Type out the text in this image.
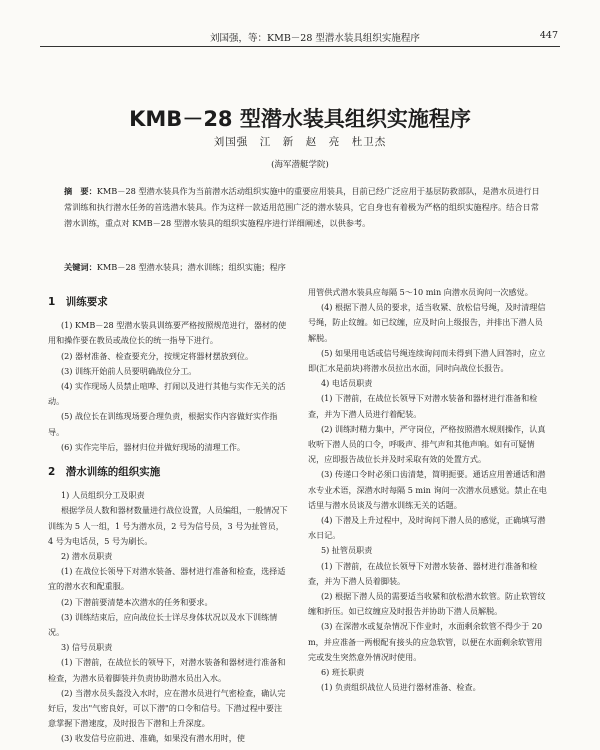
刘国强，等：KMB－28 型潜水装具组织实施程序	447
KMB－28 型潜水装具组织实施程序
刘国强　江　新　赵　亮　杜卫杰
(海军潜艇学院)
摘　要：KMB－28 型潜水装具作为当前潜水活动组织实施中的重要应用装具，目前已经广泛应用于基层防救部队，是潜水员进行日常训练和执行潜水任务的首选潜水装具。作为这样一款适用范围广泛的潜水装具，它自身也有着极为严格的组织实施程序。结合日常潜水训练，重点对 KMB－28 型潜水装具的组织实施程序进行详细阐述，以供参考。
关键词：KMB－28 型潜水装具；潜水训练；组织实施；程序
1　训练要求

(1) KMB－28 型潜水装具训练要严格按照规范进行，器材的使用和操作要在教员或战位长的统一指导下进行。

(2) 器材准备、检查要充分，按规定将器材摆放到位。

(3) 训练开始前人员要明确战位分工。

(4) 实作现场人员禁止喧哗、打闹以及进行其他与实作无关的活动。

(5) 战位长在训练现场要合理负责，根据实作内容做好实作指导。

(6) 实作完毕后，器材归位并做好现场的清理工作。

2　潜水训练的组织实施
1) 人员组织分工及职责

根据学员人数和器材数量进行战位设置，人员编组，一般情况下训练为 5 人一组，1 号为潜水员，2 号为信号员，3 号为扯管员，4 号为电话员，5 号为刷长。

2) 潜水员职责

(1) 在战位长领导下对潜水装备、器材进行准备和检查，选择适宜的潜水衣和配重服。

(2) 下潜前要清楚本次潜水的任务和要求。

(3) 训练结束后，应向战位长士详尽身体状况以及水下训练情况。

3) 信号员职责

(1) 下潜前，在战位长的领导下，对潜水装备和器材进行准备和检查，为潜水员着脚装并负责协助潜水员出入水。

(2) 当潜水员头盔没入水时，应在潜水员进行气密检查，确认完好后，发出"气密良好，可以下潜"的口令和信号。下潜过程中要注意掌握下潜速度，及时报告下潜和上升深度。

(3) 收发信号应前进、准确，如果没有潜水用时，使

用管供式潜水装具应每隔 5～10 min 向潜水员询问一次感觉。

(4) 根据下潜人员的要求，适当收紧、放松信号绳，及时清理信号绳，防止纹缠。如已纹缠，应及时向上级报告，并排出下潜人员解脱。

(5) 如果用电话或信号绳连续询问而未得到下潜人回答时，应立即(汇水是前块)将潜水员拉出水面，同时向战位长报告。

4) 电话员职责

(1) 下潜前，在战位长领导下对潜水装备和器材进行准备和检查，并为下潜人员进行着配装。

(2) 训练时精力集中，严守岗位，严格按照潜水规则操作，认真收听下潜人员的口令，呼吸声、排气声和其他声响。如有可疑情况，应即报告战位长并及时采取有效的处置方式。

(3) 传递口令时必须口齿清楚，简明扼要。通话应用普通话和潜水专业术语，深潜水时每隔 5 min 询问一次潜水员感觉。禁止在电话里与潜水员谈及与潜水训练无关的话题。

(4) 下潜及上升过程中，及时询问下潜人员的感觉，正确填写潜水日记。

5) 扯管员职责

(1) 下潜前，在战位长领导下对潜水装备、器材进行准备和检查，并为下潜人员着脚装。

(2) 根据下潜人员的需要适当收紧和放松潜水软管。防止软管纹缠和折压。如已纹缠应及时报告并协助下潜人员解脱。

(3) 在深潜水或复杂情况下作业时，水面剩余软管不得少于 20 m，并应准备一两根配有接头的应急软管，以便在水面剩余软管用完或发生突然意外情况时使用。

6) 班长职责

(1) 负责组织战位人员进行器材准备、检查。
